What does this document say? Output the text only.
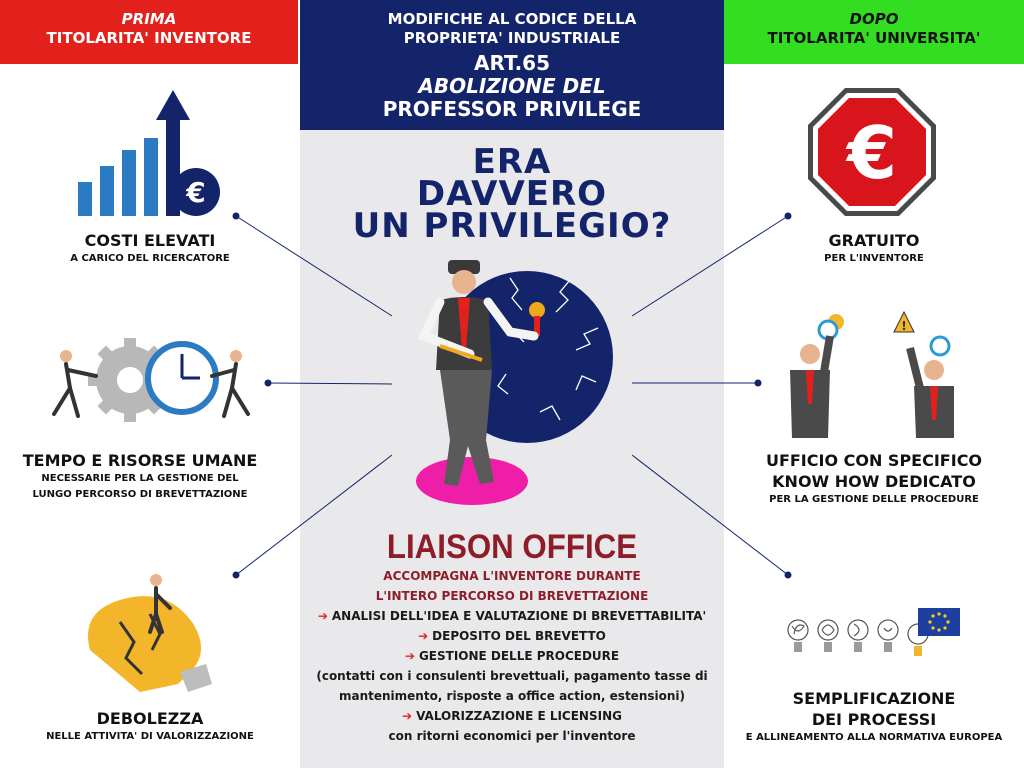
PRIMA
TITOLARITA' INVENTORE
MODIFICHE AL CODICE DELLA
PROPRIETA' INDUSTRIALE
ART.65
ABOLIZIONE DEL
PROFESSOR PRIVILEGE
DOPO
TITOLARITA' UNIVERSITA'
ERA
DAVVERO
UN PRIVILEGIO?
€
COSTI ELEVATI
A CARICO DEL RICERCATORE
TEMPO E RISORSE UMANE
NECESSARIE PER LA GESTIONE DEL
LUNGO PERCORSO DI BREVETTAZIONE
DEBOLEZZA
NELLE ATTIVITA' DI VALORIZZAZIONE
€
GRATUITO
PER L'INVENTORE
!
UFFICIO CON SPECIFICO
KNOW HOW DEDICATO
PER LA GESTIONE DELLE PROCEDURE
SEMPLIFICAZIONE
DEI PROCESSI
E ALLINEAMENTO ALLA NORMATIVA EUROPEA
LIAISON OFFICE
ACCOMPAGNA L'INVENTORE DURANTE
L'INTERO PERCORSO DI BREVETTAZIONE
➔ ANALISI DELL'IDEA E VALUTAZIONE DI BREVETTABILITA'
➔ DEPOSITO DEL BREVETTO
➔ GESTIONE DELLE PROCEDURE
(contatti con i consulenti brevettuali, pagamento tasse di
mantenimento, risposte a office action, estensioni)
➔ VALORIZZAZIONE E LICENSING
con ritorni economici per l'inventore
